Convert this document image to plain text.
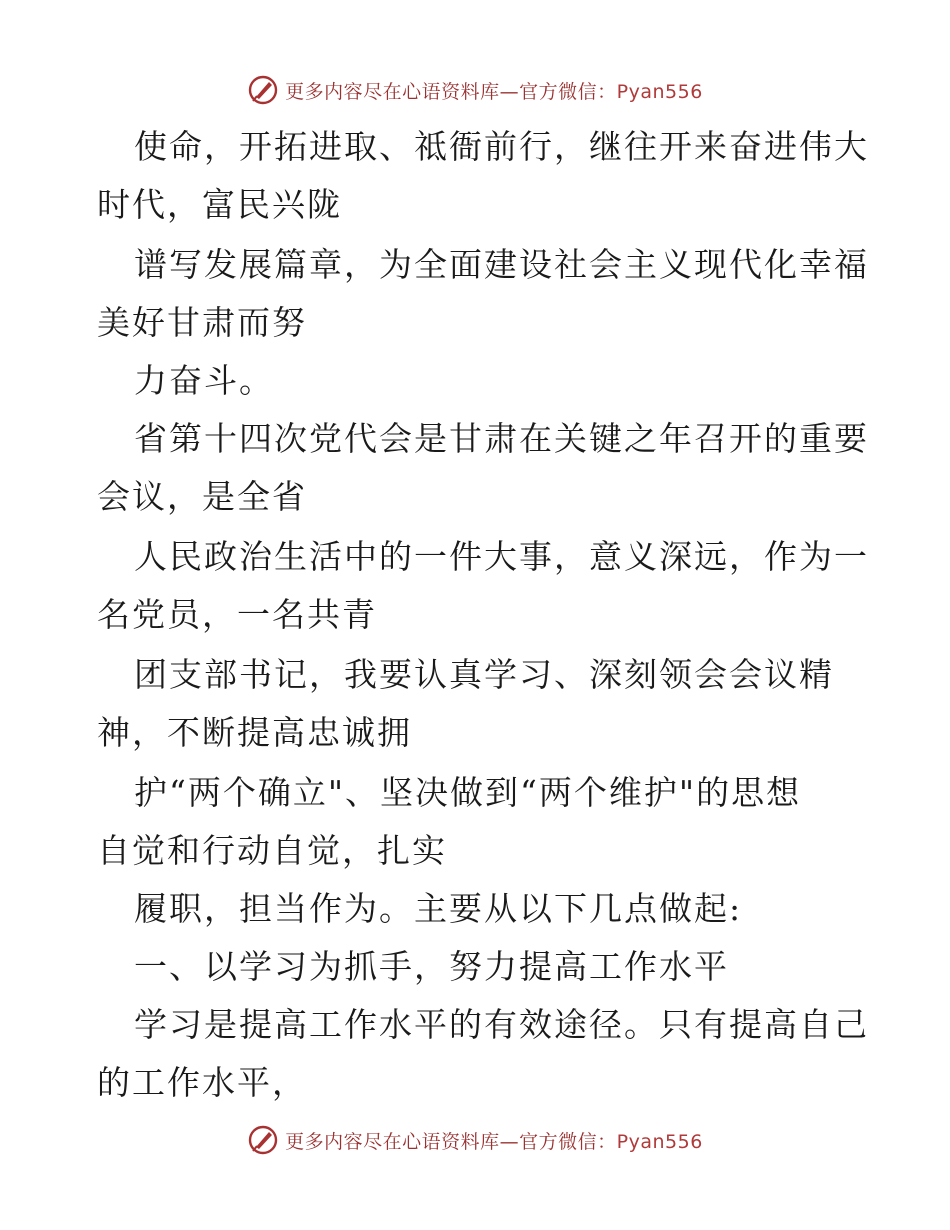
更多内容尽在心语资料库—官方微信：Pyan556
使命，开拓进取、祗衙前行，继往开来奋进伟大
时代，富民兴陇
谱写发展篇章，为全面建设社会主义现代化幸福
美好甘肃而努
力奋斗。
省第十四次党代会是甘肃在关键之年召开的重要
会议，是全省
人民政治生活中的一件大事，意义深远，作为一
名党员，一名共青
团支部书记，我要认真学习、深刻领会会议精
神，不断提高忠诚拥
护“两个确立"、坚决做到“两个维护"的思想
自觉和行动自觉，扎实
履职，担当作为。主要从以下几点做起:
一、以学习为抓手，努力提高工作水平
学习是提高工作水平的有效途径。只有提高自己
的工作水平，
更多内容尽在心语资料库—官方微信：Pyan556
